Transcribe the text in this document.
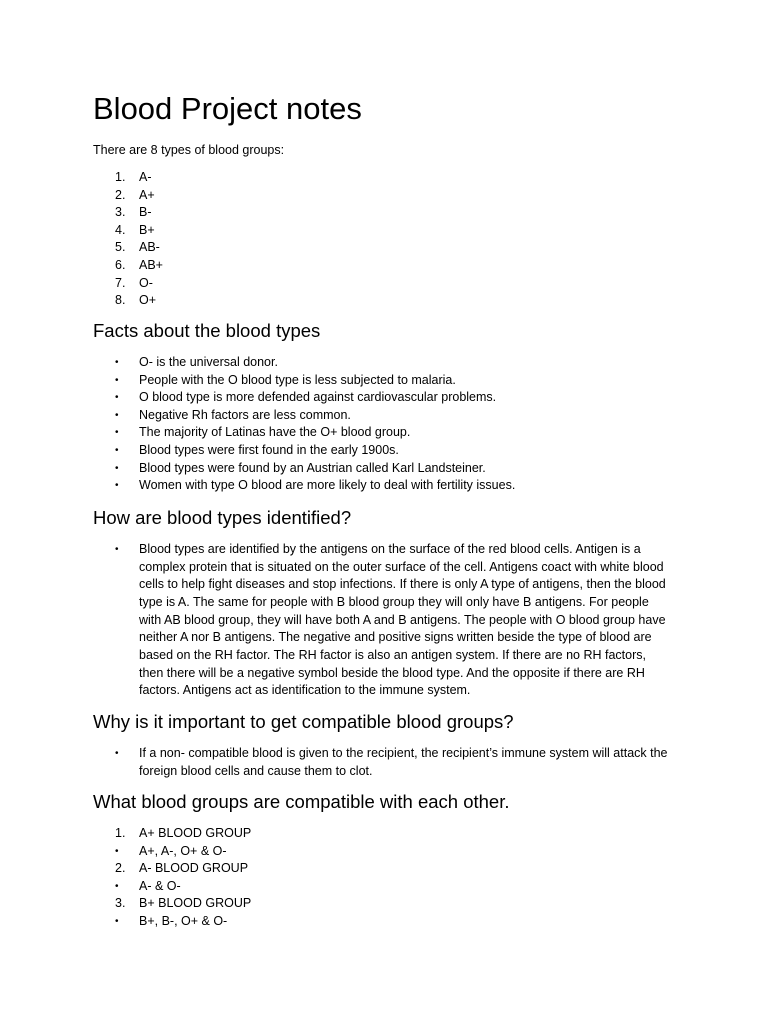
Blood Project notes

There are 8 types of blood groups:

1.	A-
2.	A+
3.	B-
4.	B+
5.	AB-
6.	AB+
7.	O-
8.	O+
Facts about the blood types
•	O- is the universal donor.
•	People with the O blood type is less subjected to malaria.
•	O blood type is more defended against cardiovascular problems.
•	Negative Rh factors are less common.
•	The majority of Latinas have the O+ blood group.
•	Blood types were first found in the early 1900s.
•	Blood types were found by an Austrian called Karl Landsteiner.
•	Women with type O blood are more likely to deal with fertility issues.
How are blood types identified?
•	Blood types are identified by the antigens on the surface of the red blood cells. Antigen is a complex protein that is situated on the outer surface of the cell. Antigens coact with white blood cells to help fight diseases and stop infections. If there is only A type of antigens, then the blood type is A. The same for people with B blood group they will only have B antigens. For people with AB blood group, they will have both A and B antigens. The people with O blood group have neither A nor B antigens. The negative and positive signs written beside the type of blood are based on the RH factor. The RH factor is also an antigen system. If there are no RH factors, then there will be a negative symbol beside the blood type. And the opposite if there are RH factors. Antigens act as identification to the immune system.
Why is it important to get compatible blood groups?
•	If a non- compatible blood is given to the recipient, the recipient’s immune system will attack the foreign blood cells and cause them to clot.
What blood groups are compatible with each other.
1.	A+ BLOOD GROUP
•	A+, A-, O+ & O-
2.	A- BLOOD GROUP
•	A- & O-
3.	B+ BLOOD GROUP
•	B+, B-, O+ & O-
